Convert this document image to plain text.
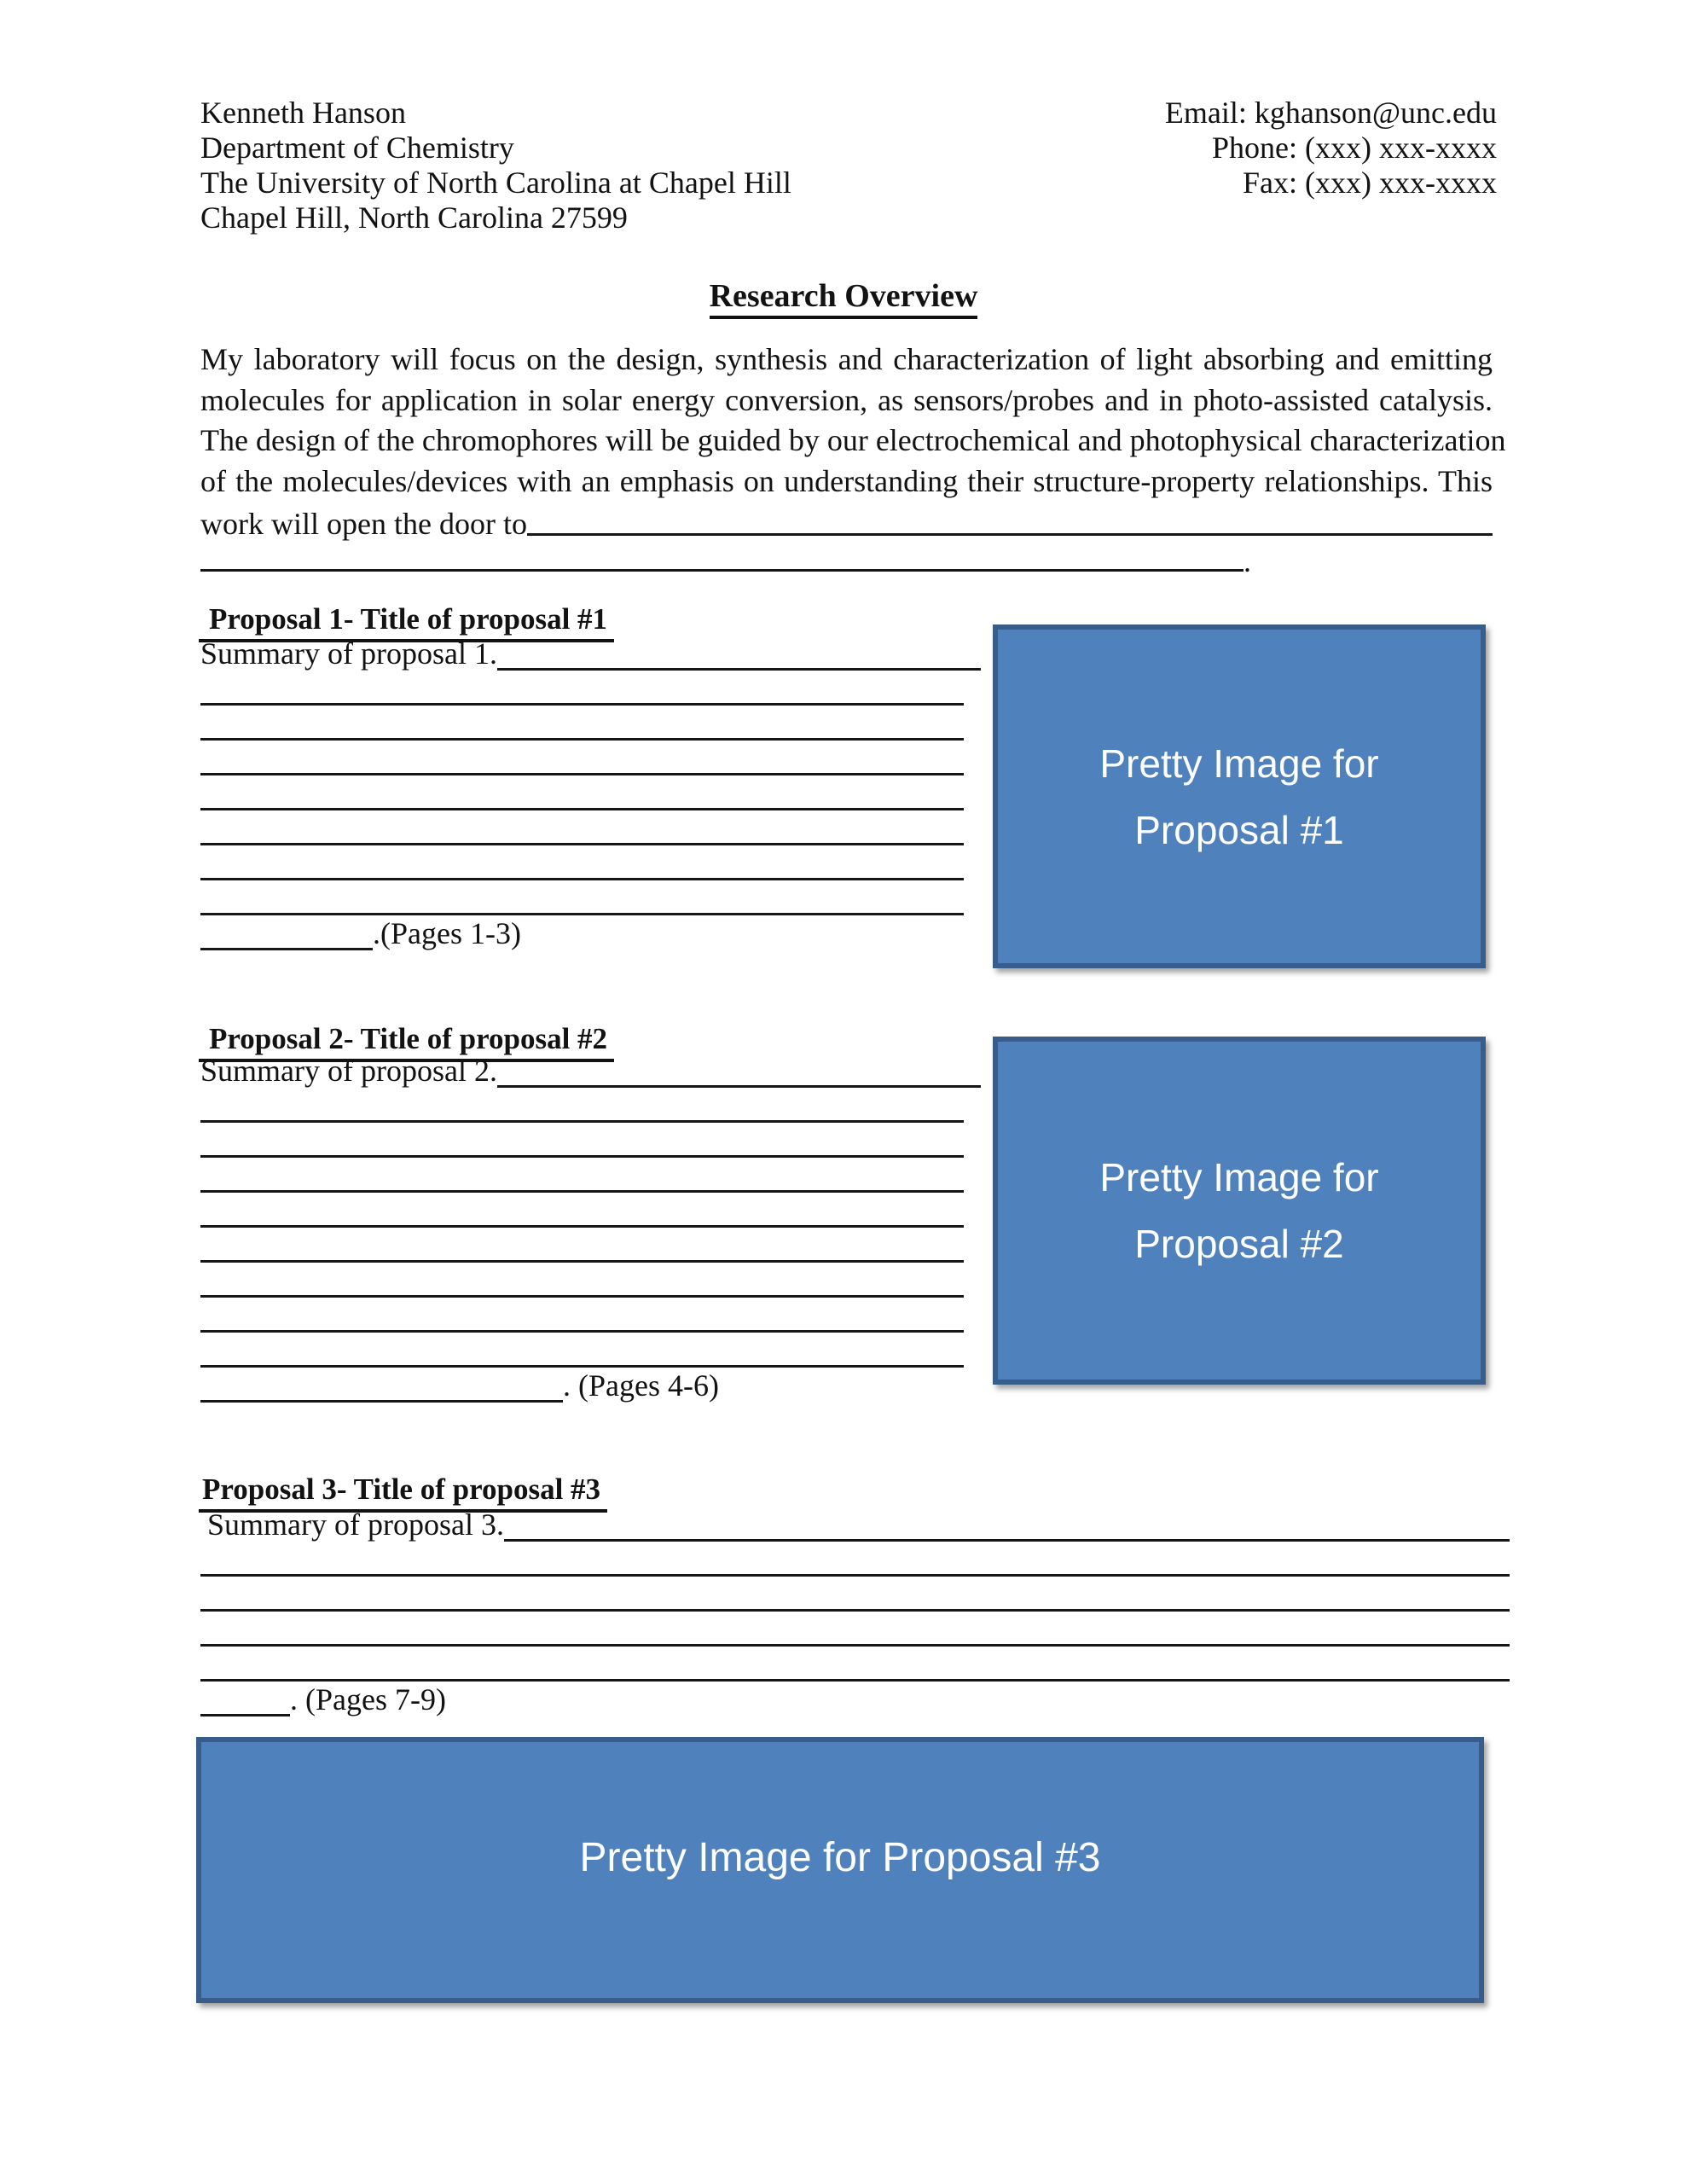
Kenneth Hanson
Department of Chemistry
The University of North Carolina at Chapel Hill
Chapel Hill, North Carolina 27599
Email: kghanson@unc.edu
Phone: (xxx) xxx-xxxx
Fax: (xxx) xxx-xxxx
Research Overview
My laboratory will focus on the design, synthesis and characterization of light absorbing and emitting
molecules for application in solar energy conversion, as sensors/probes and in photo-assisted catalysis.
The design of the chromophores will be guided by our electrochemical and photophysical characterization
of the molecules/devices with an emphasis on understanding their structure-property relationships. This
work will open the door to
.
Proposal 1- Title of proposal #1
Summary of proposal 1.
.(Pages 1-3)
Pretty Image for
Proposal #1
Proposal 2- Title of proposal #2
Summary of proposal 2.
. (Pages 4-6)
Pretty Image for
Proposal #2
Proposal 3- Title of proposal #3
Summary of proposal 3.
. (Pages 7-9)
Pretty Image for Proposal #3
